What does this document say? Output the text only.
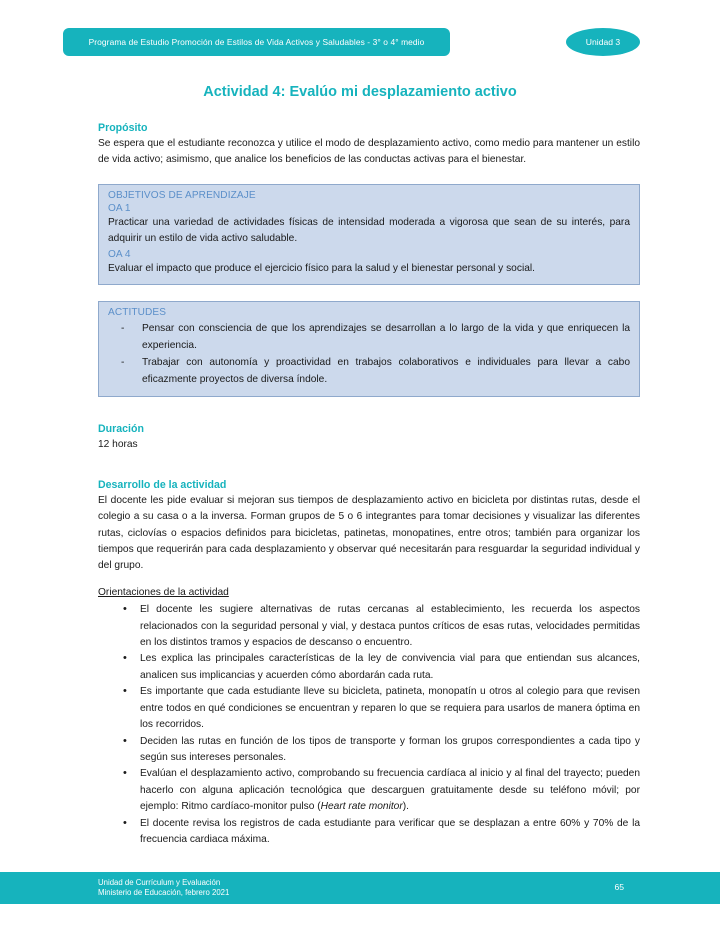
Programa de Estudio Promoción de Estilos de Vida Activos y Saludables - 3° o 4° medio	Unidad 3
Actividad 4: Evalúo mi desplazamiento activo
Propósito

Se espera que el estudiante reconozca y utilice el modo de desplazamiento activo, como medio para mantener un estilo de vida activo; asimismo, que analice los beneficios de las conductas activas para el bienestar.

OBJETIVOS DE APRENDIZAJE
OA 1

Practicar una variedad de actividades físicas de intensidad moderada a vigorosa que sean de su interés, para adquirir un estilo de vida activo saludable.

OA 4

Evaluar el impacto que produce el ejercicio físico para la salud y el bienestar personal y social.

ACTITUDES
- Pensar con consciencia de que los aprendizajes se desarrollan a lo largo de la vida y que enriquecen la experiencia.
- Trabajar con autonomía y proactividad en trabajos colaborativos e individuales para llevar a cabo eficazmente proyectos de diversa índole.
Duración

12 horas

Desarrollo de la actividad

El docente les pide evaluar si mejoran sus tiempos de desplazamiento activo en bicicleta por distintas rutas, desde el colegio a su casa o a la inversa. Forman grupos de 5 o 6 integrantes para tomar decisiones y visualizar las diferentes rutas, ciclovías o espacios definidos para bicicletas, patinetas, monopatines, entre otros; también para organizar los tiempos que requerirán para cada desplazamiento y observar qué necesitarán para resguardar la seguridad individual y del grupo.

Orientaciones de la actividad
• El docente les sugiere alternativas de rutas cercanas al establecimiento, les recuerda los aspectos relacionados con la seguridad personal y vial, y destaca puntos críticos de esas rutas, velocidades permitidas en los distintos tramos y espacios de descanso o encuentro.
• Les explica las principales características de la ley de convivencia vial para que entiendan sus alcances, analicen sus implicancias y acuerden cómo abordarán cada ruta.
• Es importante que cada estudiante lleve su bicicleta, patineta, monopatín u otros al colegio para que revisen entre todos en qué condiciones se encuentran y reparen lo que se requiera para usarlos de manera óptima en los recorridos.
• Deciden las rutas en función de los tipos de transporte y forman los grupos correspondientes a cada tipo y según sus intereses personales.
• Evalúan el desplazamiento activo, comprobando su frecuencia cardíaca al inicio y al final del trayecto; pueden hacerlo con alguna aplicación tecnológica que descarguen gratuitamente desde su teléfono móvil; por ejemplo: Ritmo cardíaco-monitor pulso (Heart rate monitor).
• El docente revisa los registros de cada estudiante para verificar que se desplazan a entre 60% y 70% de la frecuencia cardiaca máxima.
Unidad de Currículum y Evaluación
Ministerio de Educación, febrero 2021
65
